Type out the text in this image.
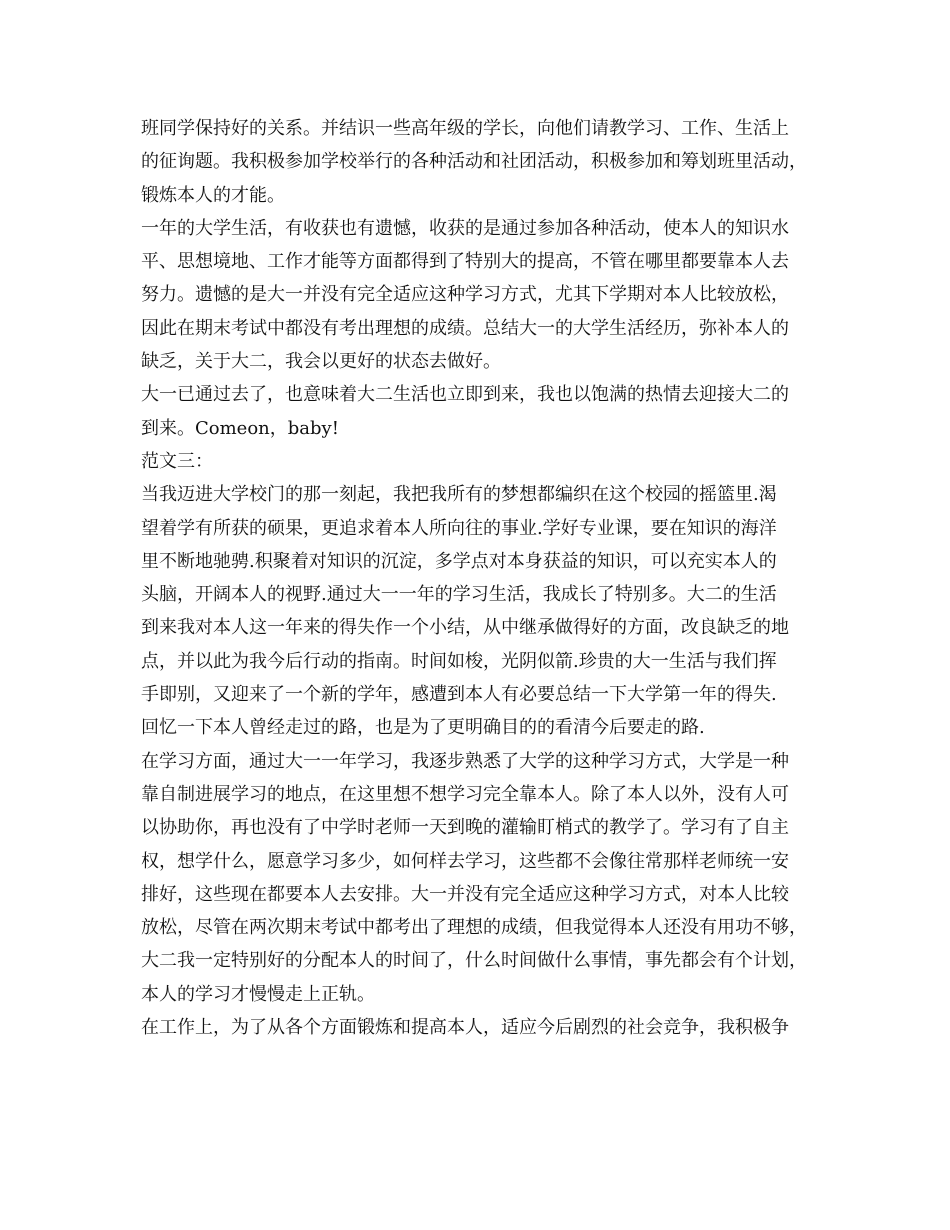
班同学保持好的关系。并结识一些高年级的学长，向他们请教学习、工作、生活上
的征询题。我积极参加学校举行的各种活动和社团活动，积极参加和筹划班里活动，
锻炼本人的才能。
一年的大学生活，有收获也有遗憾，收获的是通过参加各种活动，使本人的知识水
平、思想境地、工作才能等方面都得到了特别大的提高，不管在哪里都要靠本人去
努力。遗憾的是大一并没有完全适应这种学习方式，尤其下学期对本人比较放松，
因此在期末考试中都没有考出理想的成绩。总结大一的大学生活经历，弥补本人的
缺乏，关于大二，我会以更好的状态去做好。
大一已通过去了，也意味着大二生活也立即到来，我也以饱满的热情去迎接大二的
到来。Comeon，baby!
范文三：
当我迈进大学校门的那一刻起，我把我所有的梦想都编织在这个校园的摇篮里.渴
望着学有所获的硕果，更追求着本人所向往的事业.学好专业课，要在知识的海洋
里不断地驰骋.积聚着对知识的沉淀，多学点对本身获益的知识，可以充实本人的
头脑，开阔本人的视野.通过大一一年的学习生活，我成长了特别多。大二的生活
到来我对本人这一年来的得失作一个小结，从中继承做得好的方面，改良缺乏的地
点，并以此为我今后行动的指南。时间如梭，光阴似箭.珍贵的大一生活与我们挥
手即别，又迎来了一个新的学年，感遭到本人有必要总结一下大学第一年的得失.
回忆一下本人曾经走过的路，也是为了更明确目的的看清今后要走的路.
在学习方面，通过大一一年学习，我逐步熟悉了大学的这种学习方式，大学是一种
靠自制进展学习的地点，在这里想不想学习完全靠本人。除了本人以外，没有人可
以协助你，再也没有了中学时老师一天到晚的灌输盯梢式的教学了。学习有了自主
权，想学什么，愿意学习多少，如何样去学习，这些都不会像往常那样老师统一安
排好，这些现在都要本人去安排。大一并没有完全适应这种学习方式，对本人比较
放松，尽管在两次期末考试中都考出了理想的成绩，但我觉得本人还没有用功不够，
大二我一定特别好的分配本人的时间了，什么时间做什么事情，事先都会有个计划，
本人的学习才慢慢走上正轨。
在工作上，为了从各个方面锻炼和提高本人，适应今后剧烈的社会竞争，我积极争
